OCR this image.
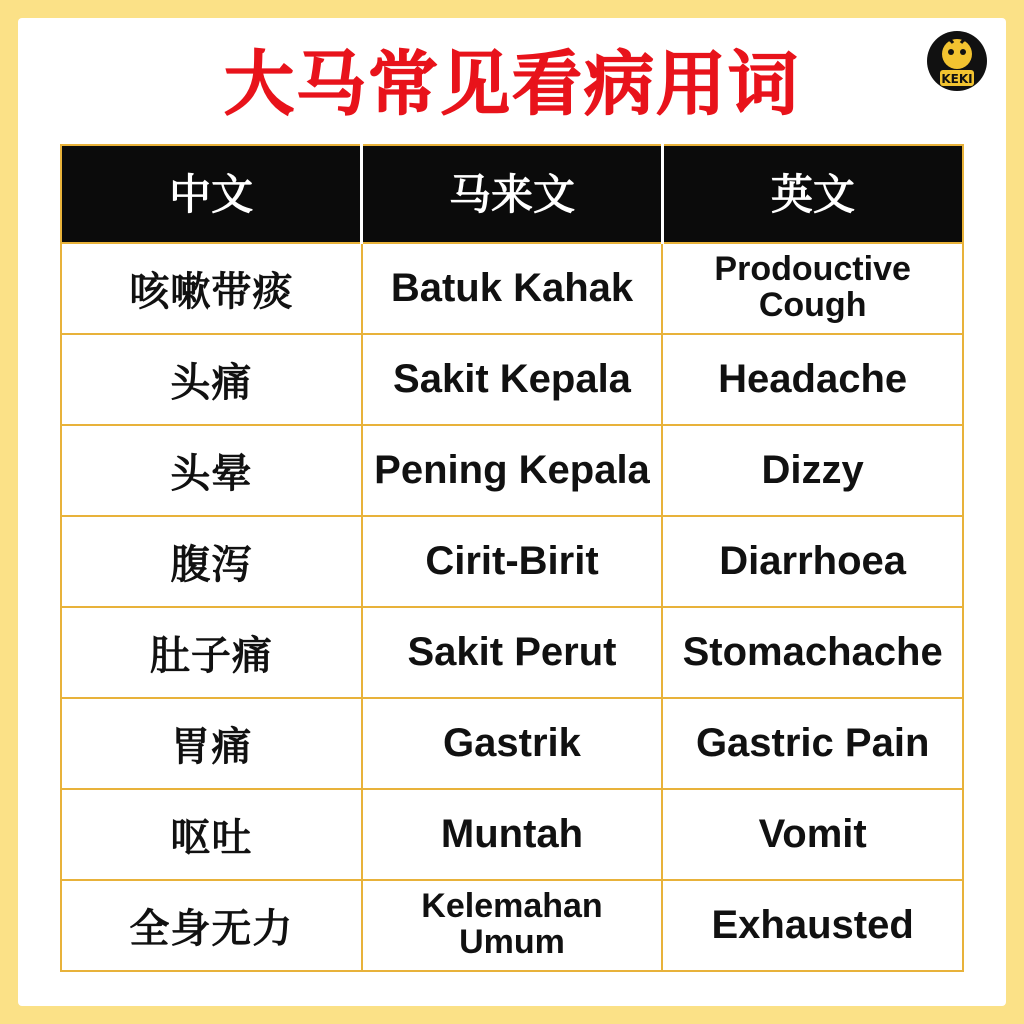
KEKI
大马常见看病用词
中文	马来文	英文
咳嗽带痰	Batuk Kahak	Prodouctive Cough
头痛	Sakit Kepala	Headache
头晕	Pening Kepala	Dizzy
腹泻	Cirit-Birit	Diarrhoea
肚子痛	Sakit Perut	Stomachache
胃痛	Gastrik	Gastric Pain
呕吐	Muntah	Vomit
全身无力	Kelemahan Umum	Exhausted
